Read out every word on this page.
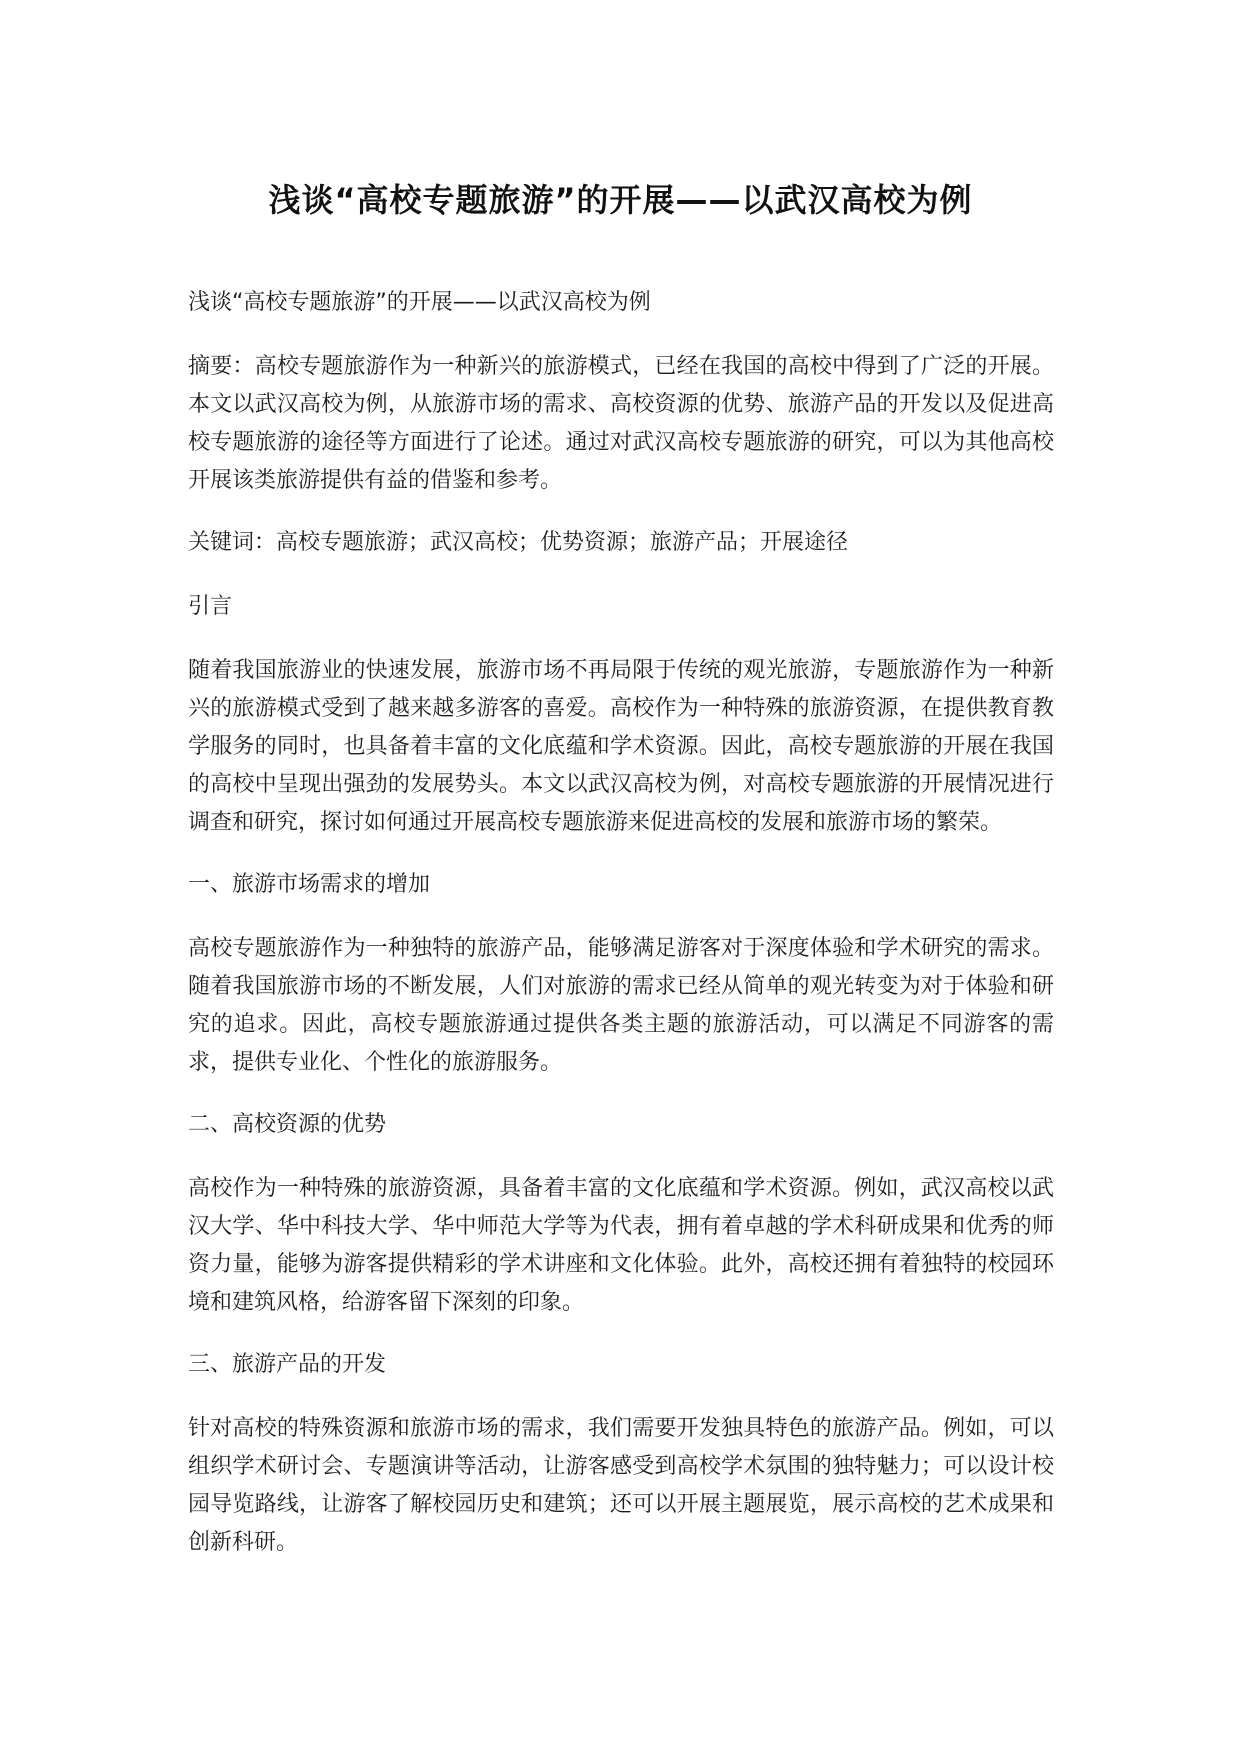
浅谈“高校专题旅游”的开展——以武汉高校为例

浅谈“高校专题旅游”的开展——以武汉高校为例

摘要：高校专题旅游作为一种新兴的旅游模式，已经在我国的高校中得到了广泛的开展。本文以武汉高校为例，从旅游市场的需求、高校资源的优势、旅游产品的开发以及促进高校专题旅游的途径等方面进行了论述。通过对武汉高校专题旅游的研究，可以为其他高校开展该类旅游提供有益的借鉴和参考。

关键词：高校专题旅游；武汉高校；优势资源；旅游产品；开展途径

引言

随着我国旅游业的快速发展，旅游市场不再局限于传统的观光旅游，专题旅游作为一种新兴的旅游模式受到了越来越多游客的喜爱。高校作为一种特殊的旅游资源，在提供教育教学服务的同时，也具备着丰富的文化底蕴和学术资源。因此，高校专题旅游的开展在我国的高校中呈现出强劲的发展势头。本文以武汉高校为例，对高校专题旅游的开展情况进行调查和研究，探讨如何通过开展高校专题旅游来促进高校的发展和旅游市场的繁荣。

一、旅游市场需求的增加

高校专题旅游作为一种独特的旅游产品，能够满足游客对于深度体验和学术研究的需求。随着我国旅游市场的不断发展，人们对旅游的需求已经从简单的观光转变为对于体验和研究的追求。因此，高校专题旅游通过提供各类主题的旅游活动，可以满足不同游客的需求，提供专业化、个性化的旅游服务。

二、高校资源的优势

高校作为一种特殊的旅游资源，具备着丰富的文化底蕴和学术资源。例如，武汉高校以武汉大学、华中科技大学、华中师范大学等为代表，拥有着卓越的学术科研成果和优秀的师资力量，能够为游客提供精彩的学术讲座和文化体验。此外，高校还拥有着独特的校园环境和建筑风格，给游客留下深刻的印象。

三、旅游产品的开发

针对高校的特殊资源和旅游市场的需求，我们需要开发独具特色的旅游产品。例如，可以组织学术研讨会、专题演讲等活动，让游客感受到高校学术氛围的独特魅力；可以设计校园导览路线，让游客了解校园历史和建筑；还可以开展主题展览，展示高校的艺术成果和创新科研。
